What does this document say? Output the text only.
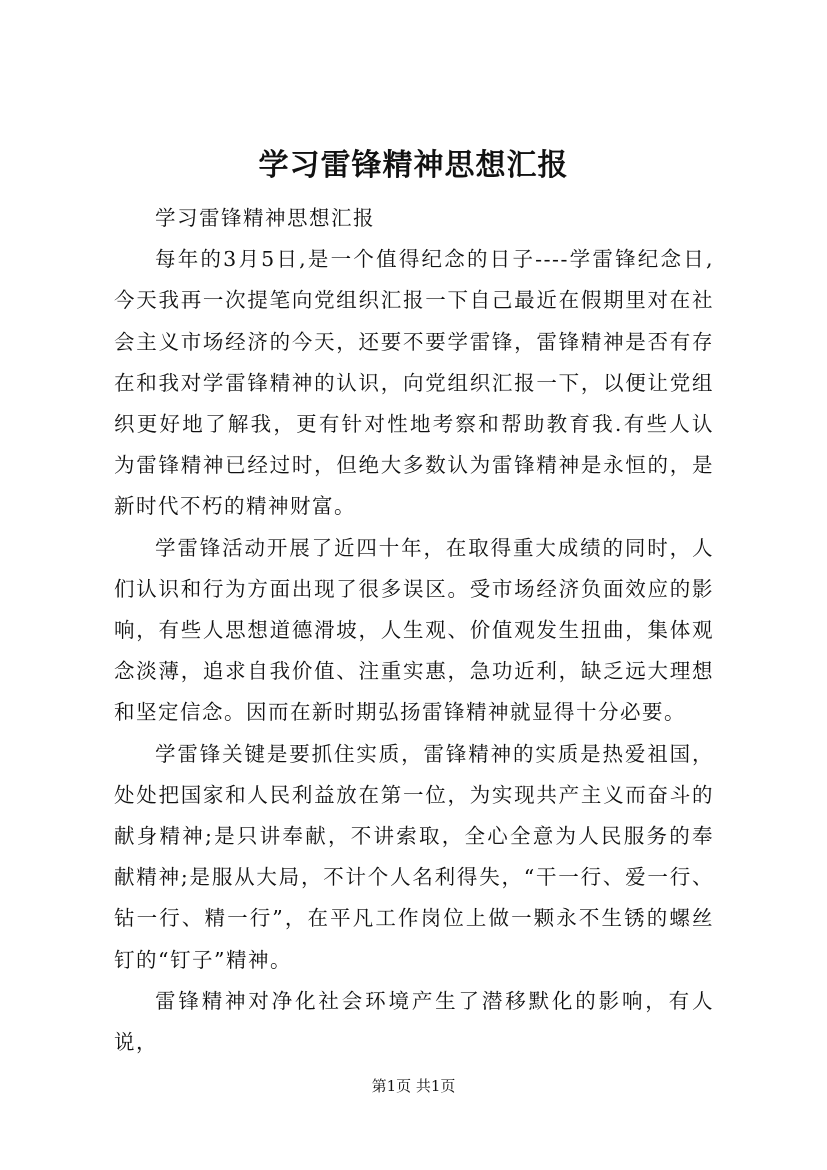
学习雷锋精神思想汇报

学习雷锋精神思想汇报

每年的3月5日,是一个值得纪念的日子----学雷锋纪念日,今天我再一次提笔向党组织汇报一下自己最近在假期里对在社会主义市场经济的今天，还要不要学雷锋，雷锋精神是否有存在和我对学雷锋精神的认识，向党组织汇报一下，以便让党组织更好地了解我，更有针对性地考察和帮助教育我.有些人认为雷锋精神已经过时，但绝大多数认为雷锋精神是永恒的，是新时代不朽的精神财富。

学雷锋活动开展了近四十年，在取得重大成绩的同时，人们认识和行为方面出现了很多误区。受市场经济负面效应的影响，有些人思想道德滑坡，人生观、价值观发生扭曲，集体观念淡薄，追求自我价值、注重实惠，急功近利，缺乏远大理想和坚定信念。因而在新时期弘扬雷锋精神就显得十分必要。

学雷锋关键是要抓住实质，雷锋精神的实质是热爱祖国，处处把国家和人民利益放在第一位，为实现共产主义而奋斗的献身精神;是只讲奉献，不讲索取，全心全意为人民服务的奉献精神;是服从大局，不计个人名利得失，“干一行、爱一行、钻一行、精一行”，在平凡工作岗位上做一颗永不生锈的螺丝钉的“钉子”精神。

雷锋精神对净化社会环境产生了潜移默化的影响，有人说，

第1页 共1页
